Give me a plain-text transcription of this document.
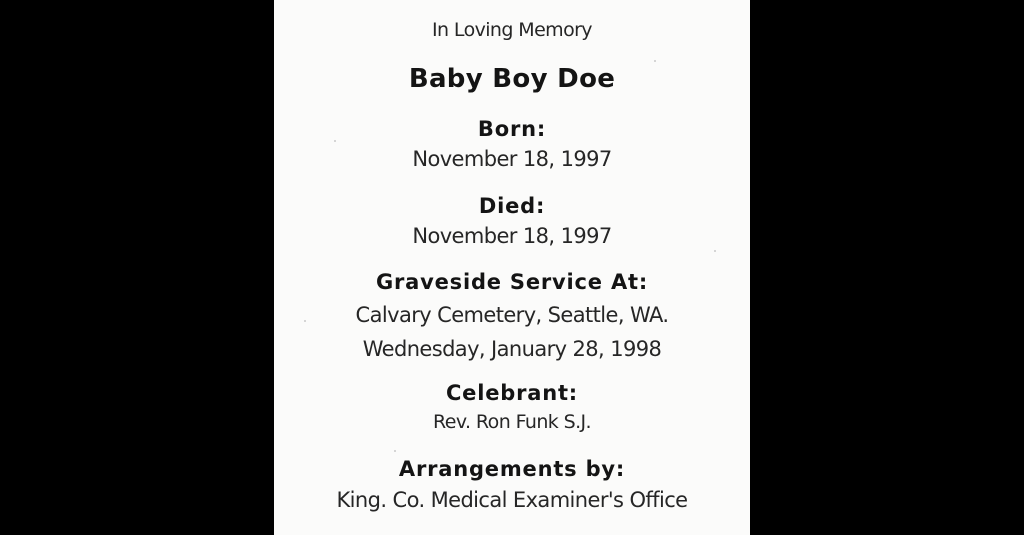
In Loving Memory
Baby Boy Doe
Born:
November 18, 1997
Died:
November 18, 1997
Graveside Service At:
Calvary Cemetery, Seattle, WA.
Wednesday, January 28, 1998
Celebrant:
Rev. Ron Funk S.J.
Arrangements by:
King. Co. Medical Examiner's Office
